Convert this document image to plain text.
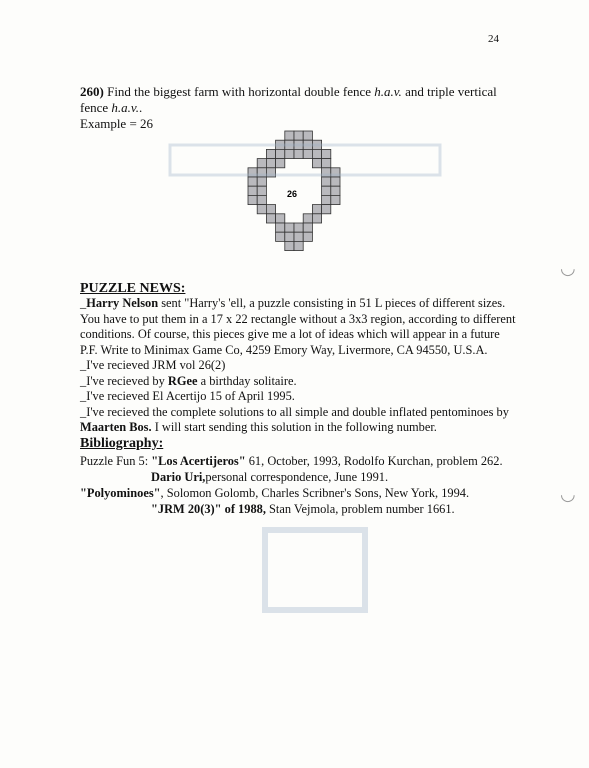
24
260) Find the biggest farm with horizontal double fence h.a.v. and triple vertical fence h.a.v..
Example = 26
26
PUZZLE NEWS:

_Harry Nelson sent "Harry's 'ell, a puzzle consisting in 51 L pieces of different sizes. You have to put them in a 17 x 22 rectangle without a 3x3 region, according to different conditions. Of course, this pieces give me a lot of ideas which will appear in a future P.F. Write to Minimax Game Co, 4259 Emory Way, Livermore, CA 94550, U.S.A.

_I've recieved JRM vol 26(2)

_I've recieved by RGee a birthday solitaire.

_I've recieved El Acertijo 15 of April 1995.

_I've recieved the complete solutions to all simple and double inflated pentominoes by Maarten Bos. I will start sending this solution in the following number.

Bibliography:

Puzzle Fun 5: "Los Acertijeros" 61, October, 1993, Rodolfo Kurchan, problem 262.

Dario Uri,personal correspondence, June 1991.

"Polyominoes", Solomon Golomb, Charles Scribner's Sons, New York, 1994.

"JRM 20(3)" of 1988, Stan Vejmola, problem number 1661.

◡
◡
